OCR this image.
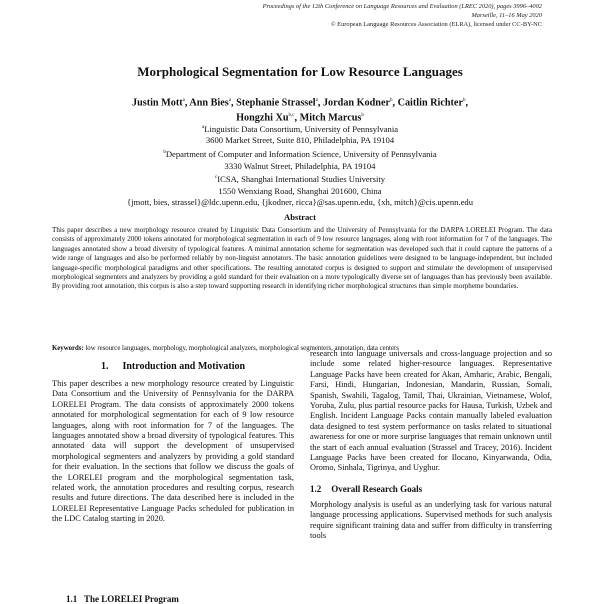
Proceedings of the 12th Conference on Language Resources and Evaluation (LREC 2020), pages 3996–4002
Marseille, 11–16 May 2020
© European Language Resources Association (ELRA), licensed under CC-BY-NC
Morphological Segmentation for Low Resource Languages
Justin Mott$^a$, Ann Bies$^a$, Stephanie Strassel$^a$, Jordan Kodner$^b$, Caitlin Richter$^b$,
Hongzhi Xu$^{b,c}$, Mitch Marcus$^b$
$^a$Linguistic Data Consortium, University of Pennsylvania
3600 Market Street, Suite 810, Philadelphia, PA 19104
$^b$Department of Computer and Information Science, University of Pennsylvania
3330 Walnut Street, Philadelphia, PA 19104
$^c$ICSA, Shanghai International Studies University
1550 Wenxiang Road, Shanghai 201600, China
{jmott, bies, strassel}@ldc.upenn.edu, {jkodner, ricca}@sas.upenn.edu, {xh, mitch}@cis.upenn.edu
Abstract
This paper describes a new morphology resource created by Linguistic Data Consortium and the University of Pennsylvania for the DARPA LORELEI Program. The data consists of approximately 2000 tokens annotated for morphological segmentation in each of 9 low resource languages, along with root information for 7 of the languages. The languages annotated show a broad diversity of typological features. A minimal annotation scheme for segmentation was developed such that it could capture the patterns of a wide range of languages and also be performed reliably by non-linguist annotators. The basic annotation guidelines were designed to be language-independent, but included language-specific morphological paradigms and other specifications. The resulting annotated corpus is designed to support and stimulate the development of unsupervised morphological segmenters and analyzers by providing a gold standard for their evaluation on a more typologically diverse set of languages than has previously been available. By providing root annotation, this corpus is also a step toward supporting research in identifying richer morphological structures than simple morpheme boundaries.
Keywords: low resource languages, morphology, morphological analyzers, morphological segmenters, annotation, data centers
1. Introduction and Motivation
This paper describes a new morphology resource created by Linguistic Data Consortium and the University of Pennsylvania for the DARPA LORELEI Program. The data consists of approximately 2000 tokens annotated for morphological segmentation for each of 9 low resource languages, along with root information for 7 of the languages. The languages annotated show a broad diversity of typological features. This annotated data will support the development of unsupervised morphological segmenters and analyzers by providing a gold standard for their evaluation. In the sections that follow we discuss the goals of the LORELEI program and the morphological segmentation task, related work, the annotation procedures and resulting corpus, research results and future directions. The data described here is included in the LORELEI Representative Language Packs scheduled for publication in the LDC Catalog starting in 2020.
1.1 The LORELEI Program
research into language universals and cross-language projection and so include some related higher-resource languages. Representative Language Packs have been created for Akan, Amharic, Arabic, Bengali, Farsi, Hindi, Hungarian, Indonesian, Mandarin, Russian, Somali, Spanish, Swahili, Tagalog, Tamil, Thai, Ukrainian, Vietnamese, Wolof, Yoruba, Zulu, plus partial resource packs for Hausa, Turkish, Uzbek and English. Incident Language Packs contain manually labeled evaluation data designed to test system performance on tasks related to situational awareness for one or more surprise languages that remain unknown until the start of each annual evaluation (Strassel and Tracey, 2016). Incident Language Packs have been created for Ilocano, Kinyarwanda, Odia, Oromo, Sinhala, Tigrinya, and Uyghur.
1.2 Overall Research Goals
Morphology analysis is useful as an underlying task for various natural language processing applications. Supervised methods for such analysis require significant training data and suffer from difficulty in transferring tools
